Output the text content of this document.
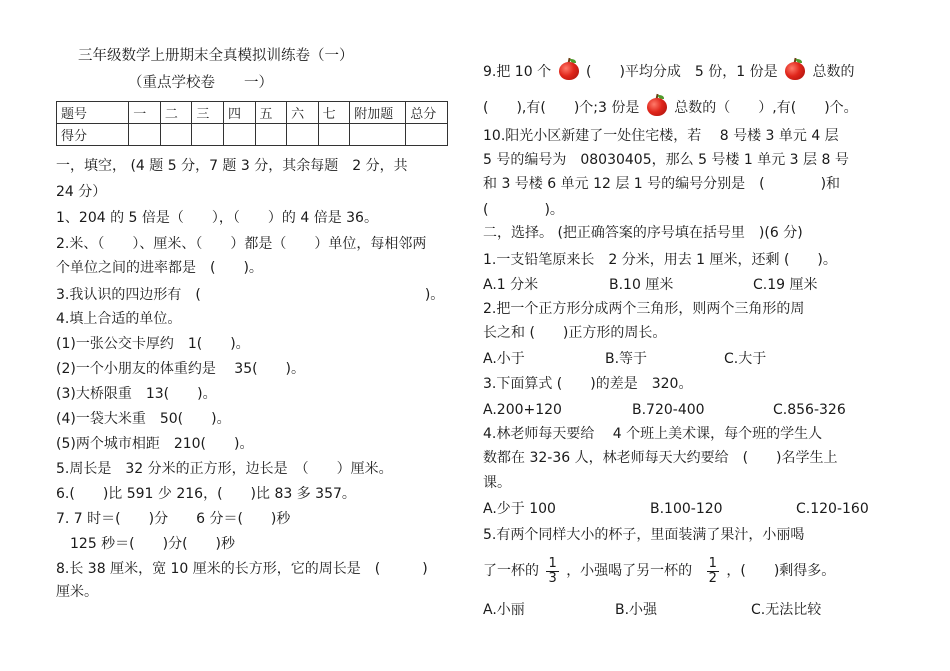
三年级数学上册期末全真模拟训练卷（一）
（重点学校卷　　一）
题号	一	二	三	四	五	六	七	附加题	总分
得分									
一，填空， (4 题 5 分，7 题 3 分，其余每题　2 分，共
24 分）
1、204 的 5 倍是（　　），（　　）的 4 倍是 36。
2.米、（　　）、厘米、（　　）都是（　　）单位，每相邻两
个单位之间的进率都是　(　　)。
3.我认识的四边形有　(　　　　　　　　　　　　　　　　)。
4.填上合适的单位。
(1)一张公交卡厚约　1(　　)。
(2)一个小朋友的体重约是　 35(　　)。
(3)大桥限重　13(　　)。
(4)一袋大米重　50(　　)。
(5)两个城市相距　210(　　)。
5.周长是　32 分米的正方形，边长是　（　　）厘米。
6.(　　)比 591 少 216，(　　)比 83 多 357。
7. 7 时＝(　　)分　　6 分＝(　　)秒
　125 秒＝(　　)分(　　)秒
8.长 38 厘米，宽 10 厘米的长方形，它的周长是　(　　　)
厘米。
9.把 10 个 (　　)平均分成　5 份，1 份是 总数的
(　　),有(　　)个;3 份是 总数的（　　）,有(　　)个。
10.阳光小区新建了一处住宅楼，若　 8 号楼 3 单元 4 层
5 号的编号为　08030405，那么 5 号楼 1 单元 3 层 8 号
和 3 号楼 6 单元 12 层 1 号的编号分别是　(　　　　)和
(　　　　)。
二，选择。 (把正确答案的序号填在括号里　)(6 分)
1.一支铅笔原来长　2 分米，用去 1 厘米，还剩 (　　)。
A.1 分米	B.10 厘米	C.19 厘米
2.把一个正方形分成两个三角形，则两个三角形的周
长之和 (　　)正方形的周长。
A.小于	B.等于	C.大于
3.下面算式 (　　)的差是　320。
A.200+120	B.720-400	C.856-326
4.林老师每天要给　 4 个班上美术课，每个班的学生人
数都在 32-36 人，林老师每天大约要给　(　　)名学生上
课。
A.少于 100	B.100-120	C.120-160
5.有两个同样大小的杯子，里面装满了果汁，小丽喝
了一杯的 $\frac{1}{3}$ ，小强喝了另一杯的 $\frac{1}{2}$ ，(　　)剩得多。
A.小丽	B.小强	C.无法比较
